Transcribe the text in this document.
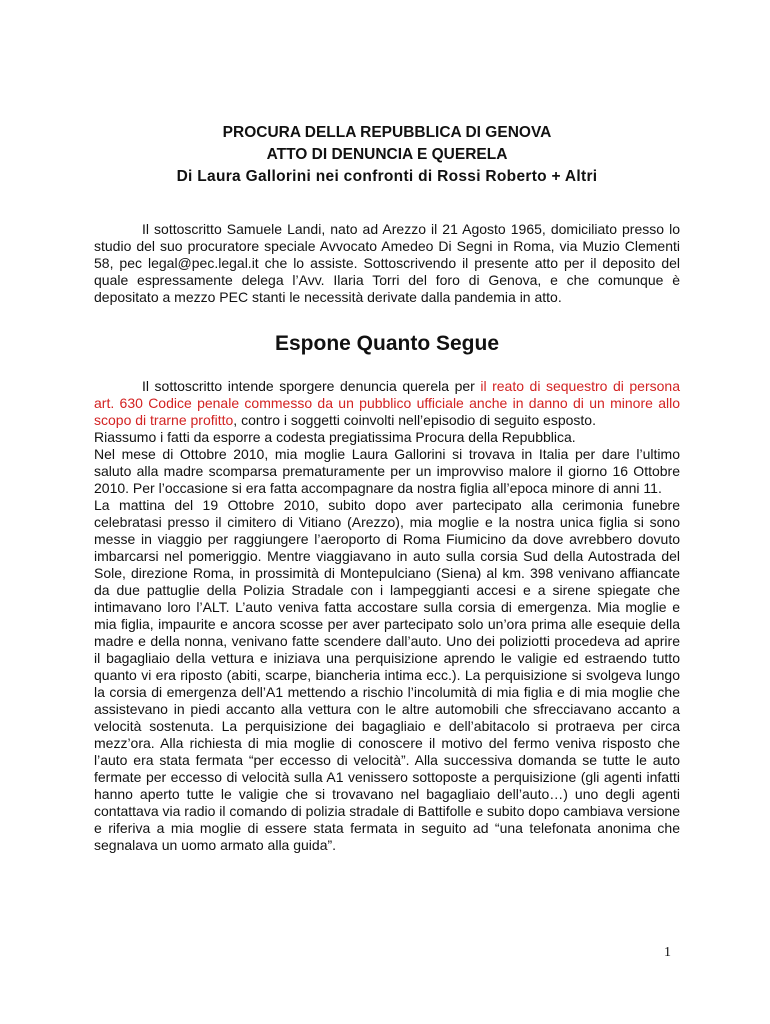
PROCURA DELLA REPUBBLICA DI GENOVA

ATTO DI DENUNCIA E QUERELA

Di Laura Gallorini nei confronti di Rossi Roberto + Altri

Il sottoscritto Samuele Landi, nato ad Arezzo il 21 Agosto 1965, domiciliato presso lo studio del suo procuratore speciale Avvocato Amedeo Di Segni in Roma, via Muzio Clementi 58, pec legal@pec.legal.it che lo assiste. Sottoscrivendo il presente atto per il deposito del quale espressamente delega l’Avv. Ilaria Torri del foro di Genova, e che comunque è depositato a mezzo PEC stanti le necessità derivate dalla pandemia in atto.

Espone Quanto Segue

Il sottoscritto intende sporgere denuncia querela per il reato di sequestro di persona art. 630 Codice penale commesso da un pubblico ufficiale anche in danno di un minore allo scopo di trarne profitto, contro i soggetti coinvolti nell’episodio di seguito esposto.

Riassumo i fatti da esporre a codesta pregiatissima Procura della Repubblica.

Nel mese di Ottobre 2010, mia moglie Laura Gallorini si trovava in Italia per dare l’ultimo saluto alla madre scomparsa prematuramente per un improvviso malore il giorno 16 Ottobre 2010. Per l’occasione si era fatta accompagnare da nostra figlia all’epoca minore di anni 11.

La mattina del 19 Ottobre 2010, subito dopo aver partecipato alla cerimonia funebre celebratasi presso il cimitero di Vitiano (Arezzo), mia moglie e la nostra unica figlia si sono messe in viaggio per raggiungere l’aeroporto di Roma Fiumicino da dove avrebbero dovuto imbarcarsi nel pomeriggio. Mentre viaggiavano in auto sulla corsia Sud della Autostrada del Sole, direzione Roma, in prossimità di Montepulciano (Siena) al km. 398 venivano affiancate da due pattuglie della Polizia Stradale con i lampeggianti accesi e a sirene spiegate che intimavano loro l’ALT. L’auto veniva fatta accostare sulla corsia di emergenza. Mia moglie e mia figlia, impaurite e ancora scosse per aver partecipato solo un’ora prima alle esequie della madre e della nonna, venivano fatte scendere dall’auto. Uno dei poliziotti procedeva ad aprire il bagagliaio della vettura e iniziava una perquisizione aprendo le valigie ed estraendo tutto quanto vi era riposto (abiti, scarpe, biancheria intima ecc.). La perquisizione si svolgeva lungo la corsia di emergenza dell’A1 mettendo a rischio l’incolumità di mia figlia e di mia moglie che assistevano in piedi accanto alla vettura con le altre automobili che sfrecciavano accanto a velocità sostenuta. La perquisizione dei bagagliaio e dell’abitacolo si protraeva per circa mezz’ora. Alla richiesta di mia moglie di conoscere il motivo del fermo veniva risposto che l’auto era stata fermata “per eccesso di velocità”. Alla successiva domanda se tutte le auto fermate per eccesso di velocità sulla A1 venissero sottoposte a perquisizione (gli agenti infatti hanno aperto tutte le valigie che si trovavano nel bagagliaio dell’auto…) uno degli agenti contattava via radio il comando di polizia stradale di Battifolle e subito dopo cambiava versione e riferiva a mia moglie di essere stata fermata in seguito ad “una telefonata anonima che segnalava un uomo armato alla guida”.

1
